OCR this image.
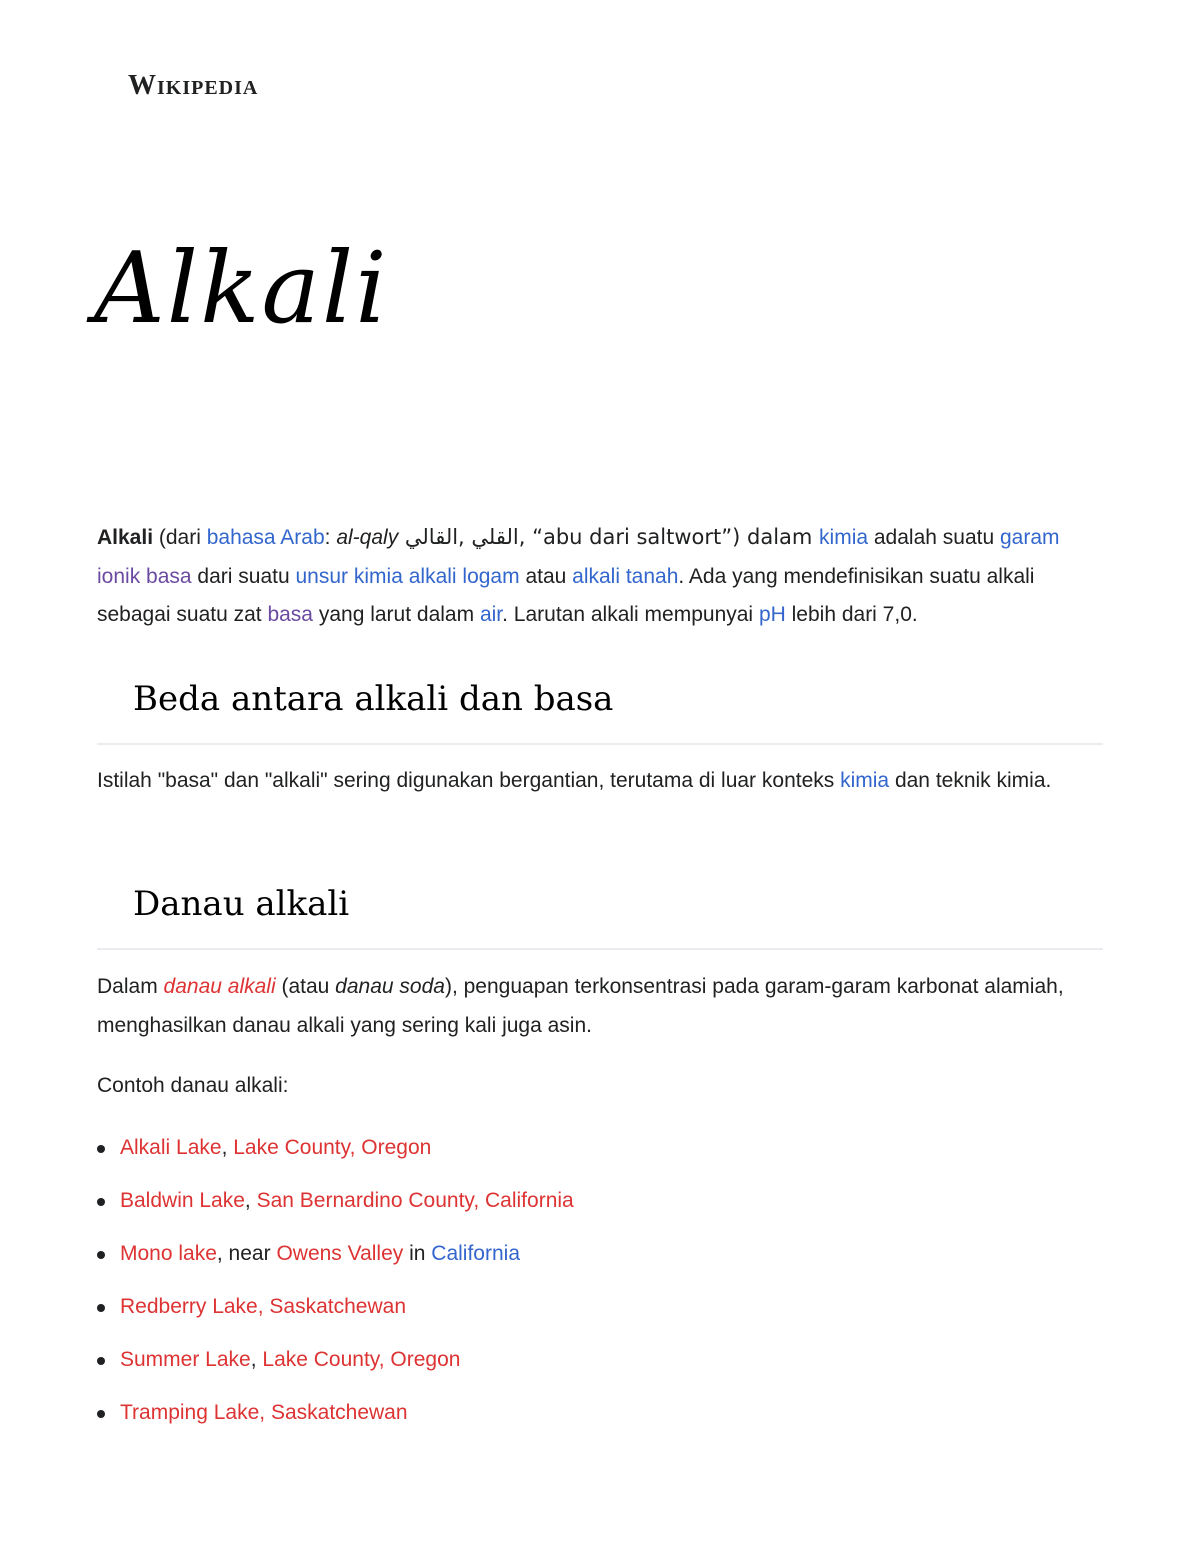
Wikipedia
Alkali

Alkali (dari bahasa Arab: al-qaly القلي ,القالي, “abu dari saltwort”) dalam kimia adalah suatu garam ionik basa dari suatu unsur kimia alkali logam atau alkali tanah. Ada yang mendefinisikan suatu alkali sebagai suatu zat basa yang larut dalam air. Larutan alkali mempunyai pH lebih dari 7,0.

Beda antara alkali dan basa

Istilah "basa" dan "alkali" sering digunakan bergantian, terutama di luar konteks kimia dan teknik kimia.

Danau alkali

Dalam danau alkali (atau danau soda), penguapan terkonsentrasi pada garam-garam karbonat alamiah, menghasilkan danau alkali yang sering kali juga asin.

Contoh danau alkali:

Alkali Lake, Lake County, Oregon
Baldwin Lake, San Bernardino County, California
Mono lake, near Owens Valley in California
Redberry Lake, Saskatchewan
Summer Lake, Lake County, Oregon
Tramping Lake, Saskatchewan
